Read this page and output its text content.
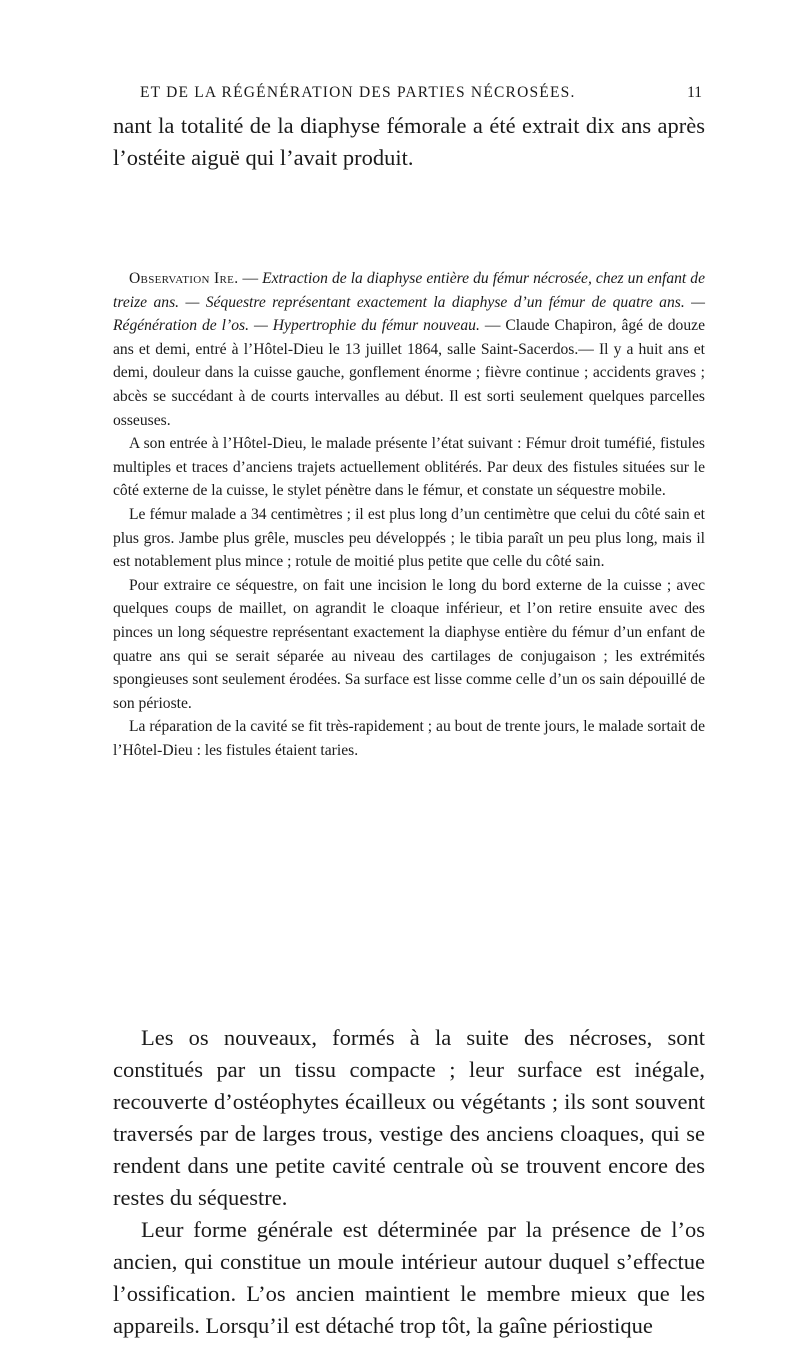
ET DE LA RÉGÉNÉRATION DES PARTIES NÉCROSÉES.	11

nant la totalité de la diaphyse fémorale a été extrait dix ans après l’ostéite aiguë qui l’avait produit.

Observation Ire. — Extraction de la diaphyse entière du fémur nécrosée, chez un enfant de treize ans. — Séquestre représentant exactement la diaphyse d’un fémur de quatre ans. — Régénération de l’os. — Hypertrophie du fémur nouveau. — Claude Chapiron, âgé de douze ans et demi, entré à l’Hôtel-Dieu le 13 juillet 1864, salle Saint-Sacerdos.— Il y a huit ans et demi, douleur dans la cuisse gauche, gonflement énorme ; fièvre continue ; accidents graves ; abcès se succédant à de courts intervalles au début. Il est sorti seulement quelques parcelles osseuses.

A son entrée à l’Hôtel-Dieu, le malade présente l’état suivant : Fémur droit tuméfié, fistules multiples et traces d’anciens trajets actuellement oblitérés. Par deux des fistules situées sur le côté externe de la cuisse, le stylet pénètre dans le fémur, et constate un séquestre mobile.

Le fémur malade a 34 centimètres ; il est plus long d’un centimètre que celui du côté sain et plus gros. Jambe plus grêle, muscles peu développés ; le tibia paraît un peu plus long, mais il est notablement plus mince ; rotule de moitié plus petite que celle du côté sain.

Pour extraire ce séquestre, on fait une incision le long du bord externe de la cuisse ; avec quelques coups de maillet, on agrandit le cloaque inférieur, et l’on retire ensuite avec des pinces un long séquestre représentant exactement la diaphyse entière du fémur d’un enfant de quatre ans qui se serait séparée au niveau des cartilages de conjugaison ; les extrémités spongieuses sont seulement érodées. Sa surface est lisse comme celle d’un os sain dépouillé de son périoste.

La réparation de la cavité se fit très-rapidement ; au bout de trente jours, le malade sortait de l’Hôtel-Dieu : les fistules étaient taries.

Les os nouveaux, formés à la suite des nécroses, sont constitués par un tissu compacte ; leur surface est inégale, recouverte d’ostéophytes écailleux ou végétants ; ils sont souvent traversés par de larges trous, vestige des anciens cloaques, qui se rendent dans une petite cavité centrale où se trouvent encore des restes du séquestre.

Leur forme générale est déterminée par la présence de l’os ancien, qui constitue un moule intérieur autour duquel s’effectue l’ossification. L’os ancien maintient le membre mieux que les appareils. Lorsqu’il est détaché trop tôt, la gaîne périostique
